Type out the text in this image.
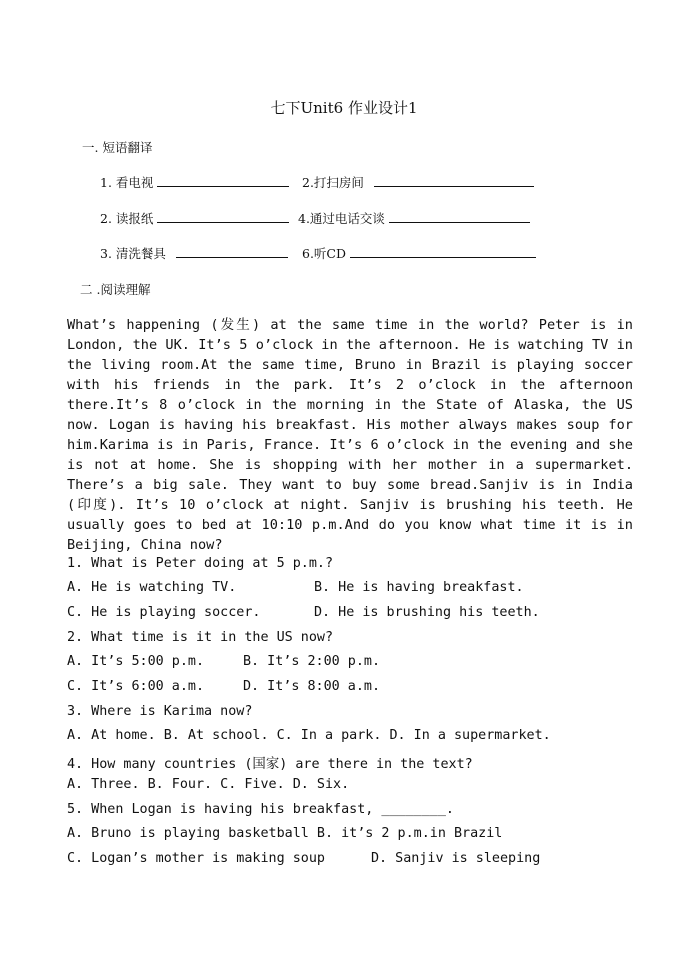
七下Unit6 作业设计1
一. 短语翻译
1. 看电视	2.打扫房间
2. 读报纸	4.通过电话交谈
3. 清洗餐具	6.听CD
二 .阅读理解
What’s happening (发生) at the same time in the world? Peter is in London, the UK. It’s 5 o’clock in the afternoon. He is watching TV in the living room.At the same time, Bruno in Brazil is playing soccer with his friends in the park. It’s 2 o’clock in the afternoon there.It’s 8 o’clock in the morning in the State of Alaska, the US now. Logan is having his breakfast. His mother always makes soup for him.Karima is in Paris, France. It’s 6 o’clock in the evening and she is not at home. She is shopping with her mother in a supermarket. There’s a big sale. They want to buy some bread.Sanjiv is in India (印度). It’s 10 o’clock at night. Sanjiv is brushing his teeth. He usually goes to bed at 10:10 p.m.And do you know what time it is in Beijing, China now?
1. What is Peter doing at 5 p.m.?
A. He is watching TV.	B. He is having breakfast.
C. He is playing soccer.	D. He is brushing his teeth.
2. What time is it in the US now?
A. It’s 5:00 p.m.	B. It’s 2:00 p.m.
C. It’s 6:00 a.m.	D. It’s 8:00 a.m.
3. Where is Karima now?
A. At home. B. At school. C. In a park. D. In a supermarket.
4. How many countries (国家) are there in the text?
A. Three. B. Four. C. Five. D. Six.
5. When Logan is having his breakfast, ________.
A. Bruno is playing basketball B. it’s 2 p.m.in Brazil
C. Logan’s mother is making soup	D. Sanjiv is sleeping
